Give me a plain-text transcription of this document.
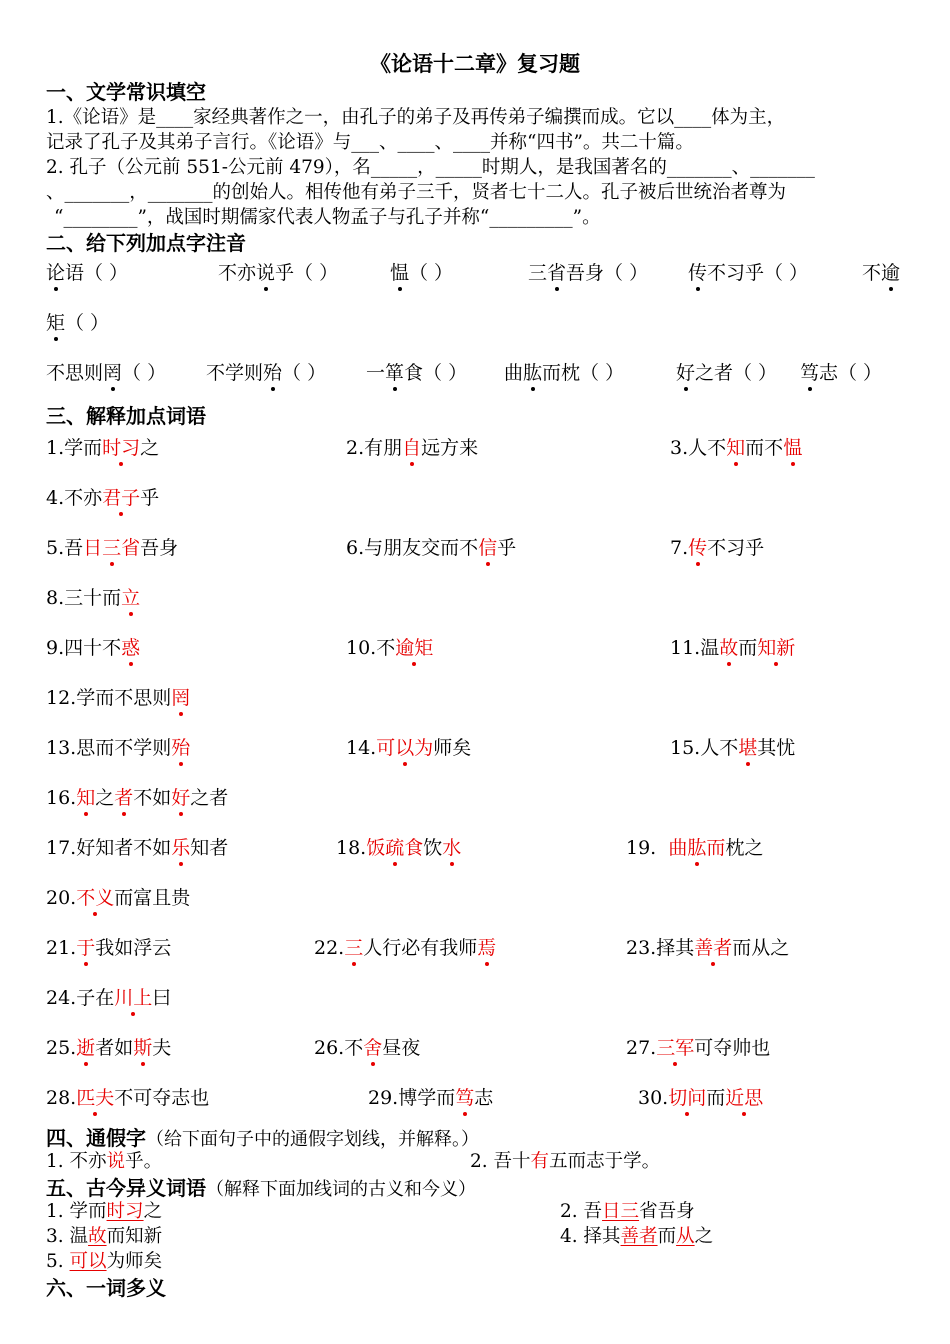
《论语十二章》复习题
一、文学常识填空
1.《论语》是____家经典著作之一，由孔子的弟子及再传弟子编撰而成。它以____体为主，
记录了孔子及其弟子言行。《论语》与___、____、____并称“四书”。共二十篇。
2. 孔子（公元前 551-公元前 479），名_____，_____时期人，是我国著名的_______、_______
、_______，_______的创始人。相传他有弟子三千，贤者七十二人。孔子被后世统治者尊为
“________”，战国时期儒家代表人物孟子与孔子并称“_________”。
二、给下列加点字注音
论语（ ）	不亦说乎（ ）	愠（ ）	三省吾身（ ） 传不习乎（ ）	不逾
矩（ ）
不思则罔（ ） 不学则殆（ ） 一箪食（ ） 曲肱而枕（ ）	好之者（ ） 笃志（ ）
三、解释加点词语
1.学而时习之	2.有朋自远方来	3.人不知而不愠
4.不亦君子乎
5.吾日三省吾身	6.与朋友交而不信乎	7.传不习乎
8.三十而立
9.四十不惑	10.不逾矩	11.温故而知新
12.学而不思则罔
13.思而不学则殆	14.可以为师矣	15.人不堪其忧
16.知之者不如好之者
17.好知者不如乐知者	18.饭疏食饮水	19. 曲肱而枕之
20.不义而富且贵
21.于我如浮云	22.三人行必有我师焉	23.择其善者而从之
24.子在川上曰
25.逝者如斯夫	26.不舍昼夜	27.三军可夺帅也
28.匹夫不可夺志也	29.博学而笃志	30.切问而近思
四、通假字（给下面句子中的通假字划线，并解释。）
1. 不亦说乎。	2. 吾十有五而志于学。
五、古今异义词语（解释下面加线词的古义和今义）
1. 学而时习之	2. 吾日三省吾身
3. 温故而知新	4. 择其善者而从之
5. 可以为师矣
六、一词多义
